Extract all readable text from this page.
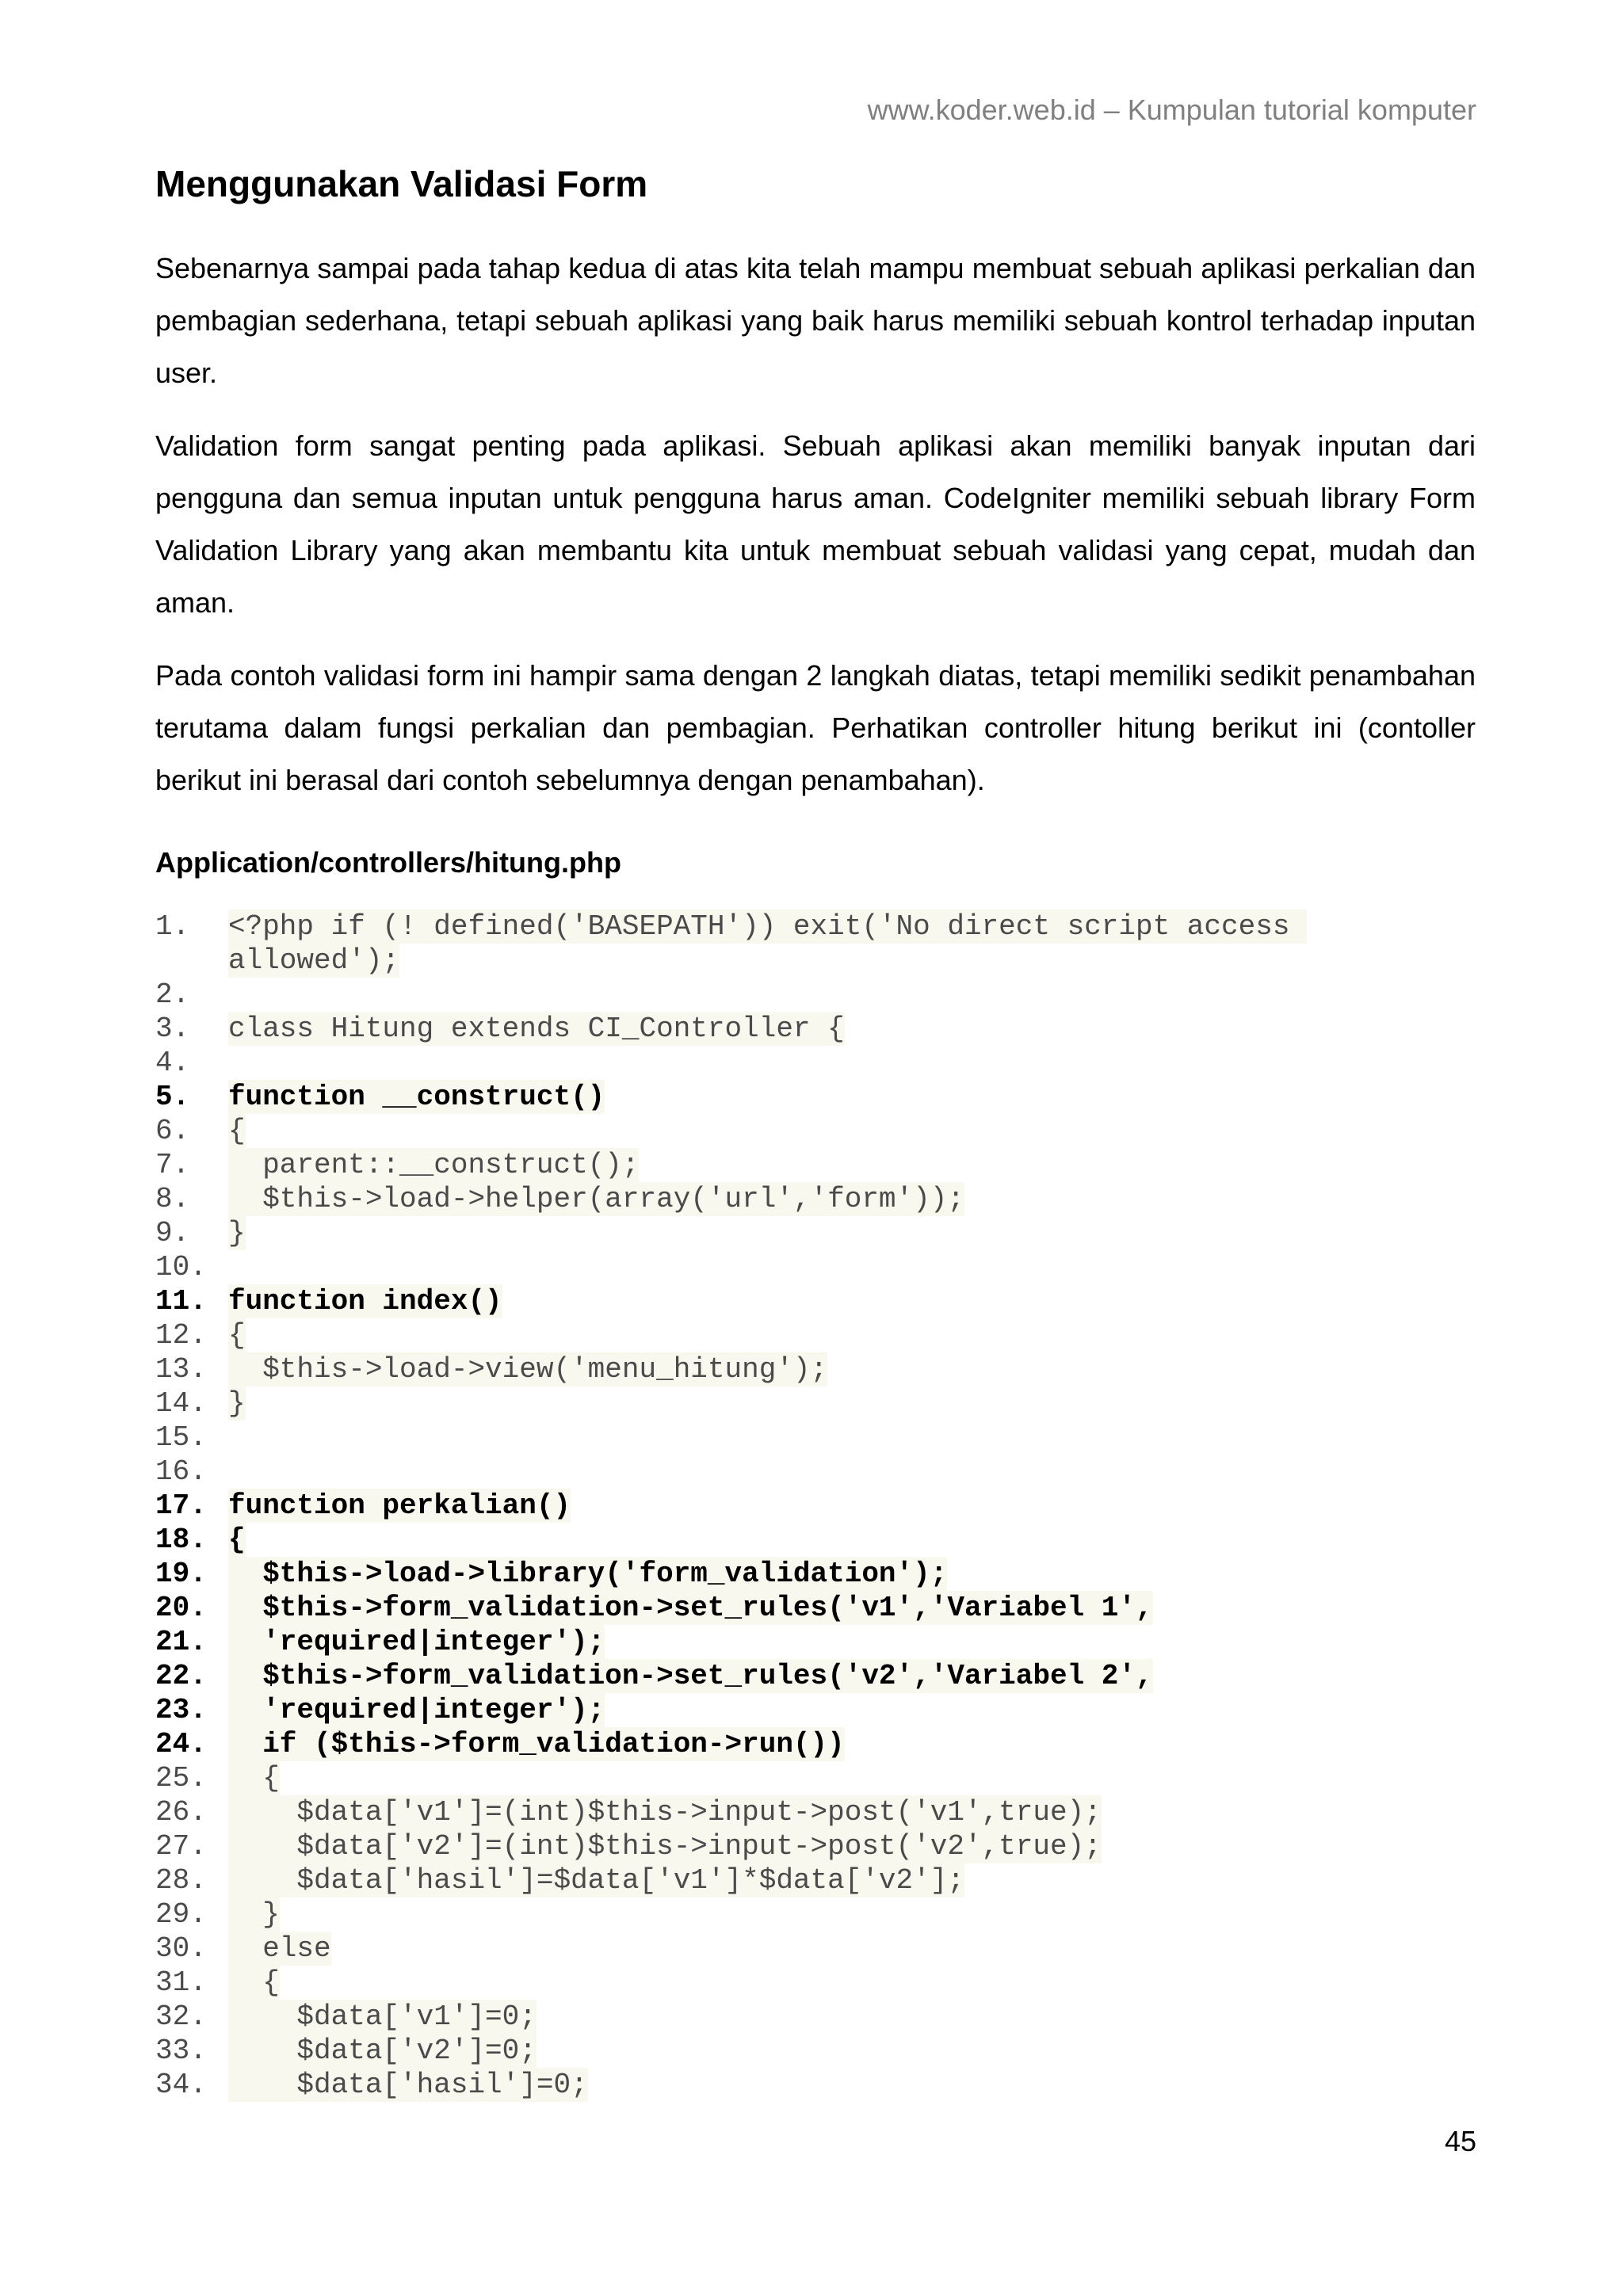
www.koder.web.id – Kumpulan tutorial komputer
Menggunakan Validasi Form

Sebenarnya sampai pada tahap kedua di atas kita telah mampu membuat sebuah aplikasi perkalian dan pembagian sederhana, tetapi sebuah aplikasi yang baik harus memiliki sebuah kontrol terhadap inputan user.

Validation form sangat penting pada aplikasi. Sebuah aplikasi akan memiliki banyak inputan dari pengguna dan semua inputan untuk pengguna harus aman. CodeIgniter memiliki sebuah library Form Validation Library yang akan membantu kita untuk membuat sebuah validasi yang cepat, mudah dan aman.

Pada contoh validasi form ini hampir sama dengan 2 langkah diatas, tetapi memiliki sedikit penambahan terutama dalam fungsi perkalian dan pembagian. Perhatikan controller hitung berikut ini (contoller berikut ini berasal dari contoh sebelumnya dengan penambahan).

Application/controllers/hitung.php
1.	<?php if (! defined('BASEPATH')) exit('No direct script access
allowed');
2.
3.	class Hitung extends CI_Controller {
4.
5.	function __construct()
6.	{
7.	parent::__construct();
8.	$this->load->helper(array('url','form'));
9.	}
10.
11. function index()
12. {
13. $this->load->view('menu_hitung');
14. }
15.
16.
17. function perkalian()
18. {
19. $this->load->library('form_validation');
20. $this->form_validation->set_rules('v1','Variabel 1',
21. 'required|integer');
22. $this->form_validation->set_rules('v2','Variabel 2',
23. 'required|integer');
24. if ($this->form_validation->run())
25. {
26. $data['v1']=(int)$this->input->post('v1',true);
27. $data['v2']=(int)$this->input->post('v2',true);
28. $data['hasil']=$data['v1']*$data['v2'];
29. }
30. else
31. {
32. $data['v1']=0;
33. $data['v2']=0;
34. $data['hasil']=0;
45
